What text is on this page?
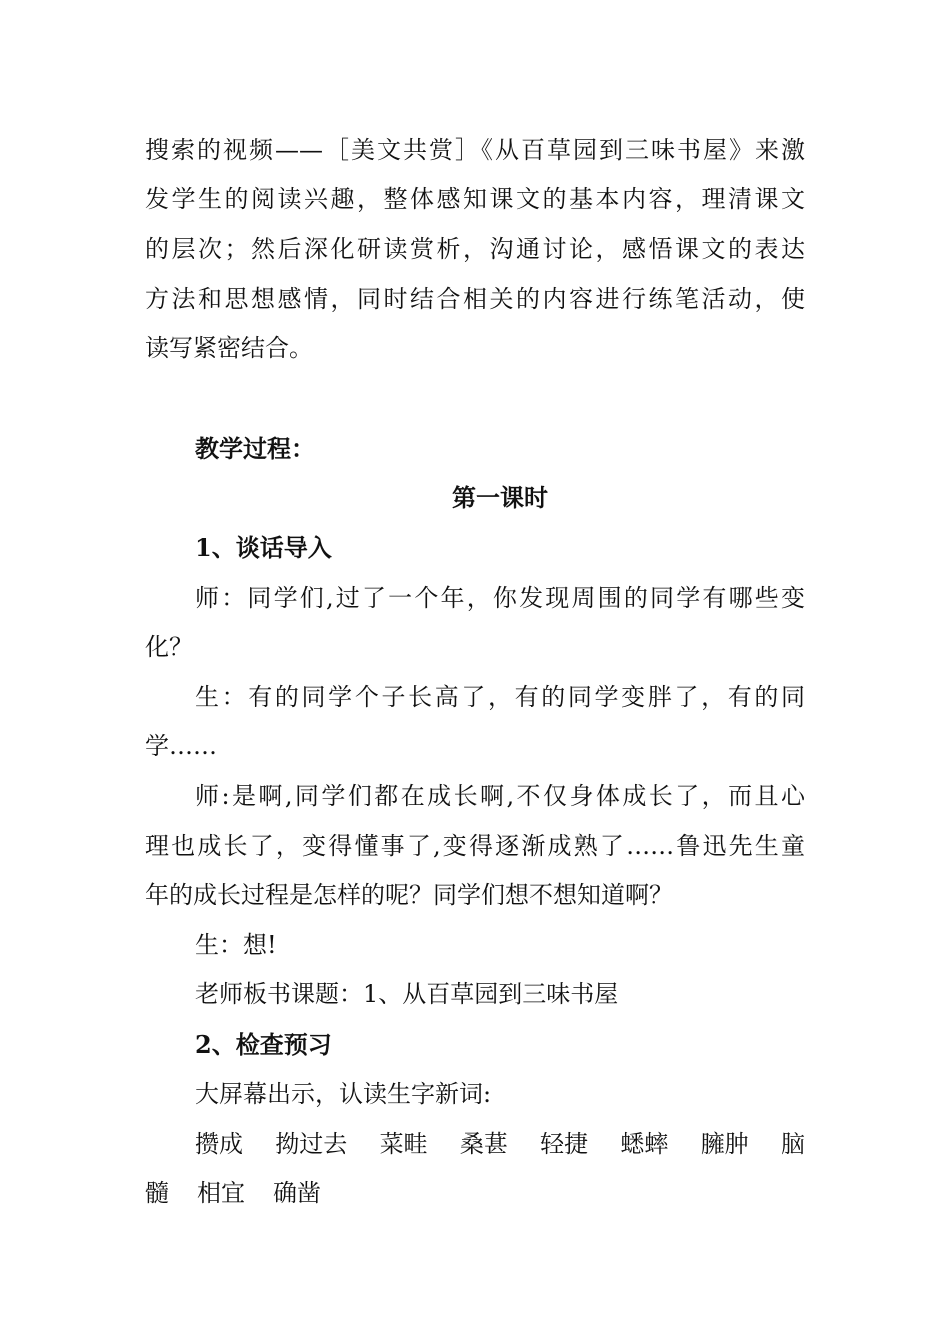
搜索的视频——［美文共赏］《从百草园到三味书屋》来激
发学生的阅读兴趣，整体感知课文的基本内容，理清课文
的层次；然后深化研读赏析，沟通讨论，感悟课文的表达
方法和思想感情，同时结合相关的内容进行练笔活动，使
读写紧密结合。
教学过程：
第一课时
1、谈话导入
师：同学们,过了一个年，你发现周围的同学有哪些变
化？
生：有的同学个子长高了，有的同学变胖了，有的同
学……
师:是啊,同学们都在成长啊,不仅身体成长了，而且心
理也成长了，变得懂事了,变得逐渐成熟了……鲁迅先生童
年的成长过程是怎样的呢？同学们想不想知道啊？
生：想!
老师板书课题：1、从百草园到三味书屋
2、检查预习
大屏幕出示，认读生字新词:
攒成 拗过去 菜畦 桑葚 轻捷 蟋蟀 臃肿 脑
髓 相宜 确凿
